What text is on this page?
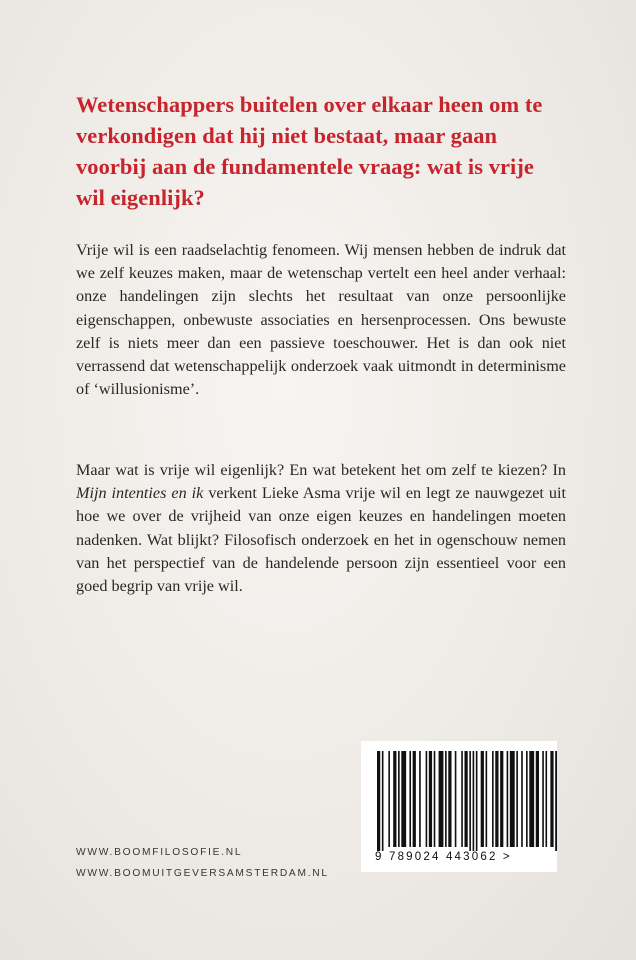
Wetenschappers buitelen over elkaar heen om te verkondigen dat hij niet bestaat, maar gaan voorbij aan de fundamentele vraag: wat is vrije wil eigenlijk?

Vrije wil is een raadselachtig fenomeen. Wij mensen hebben de indruk dat we zelf keuzes maken, maar de wetenschap vertelt een heel ander verhaal: onze handelingen zijn slechts het resultaat van onze persoonlijke eigenschappen, onbewuste associaties en hersenprocessen. Ons bewuste zelf is niets meer dan een passieve toeschouwer. Het is dan ook niet verrassend dat wetenschappelijk onderzoek vaak uitmondt in determinisme of ‘willusionisme’.

Maar wat is vrije wil eigenlijk? En wat betekent het om zelf te kiezen? In Mijn intenties en ik verkent Lieke Asma vrije wil en legt ze nauwgezet uit hoe we over de vrijheid van onze eigen keuzes en handelingen moeten nadenken. Wat blijkt? Filosofisch onderzoek en het in ogenschouw nemen van het perspectief van de handelende persoon zijn essentieel voor een goed begrip van vrije wil.

WWW.BOOMFILOSOFIE.NL
WWW.BOOMUITGEVERSAMSTERDAM.NL
9 789024 443062 >
